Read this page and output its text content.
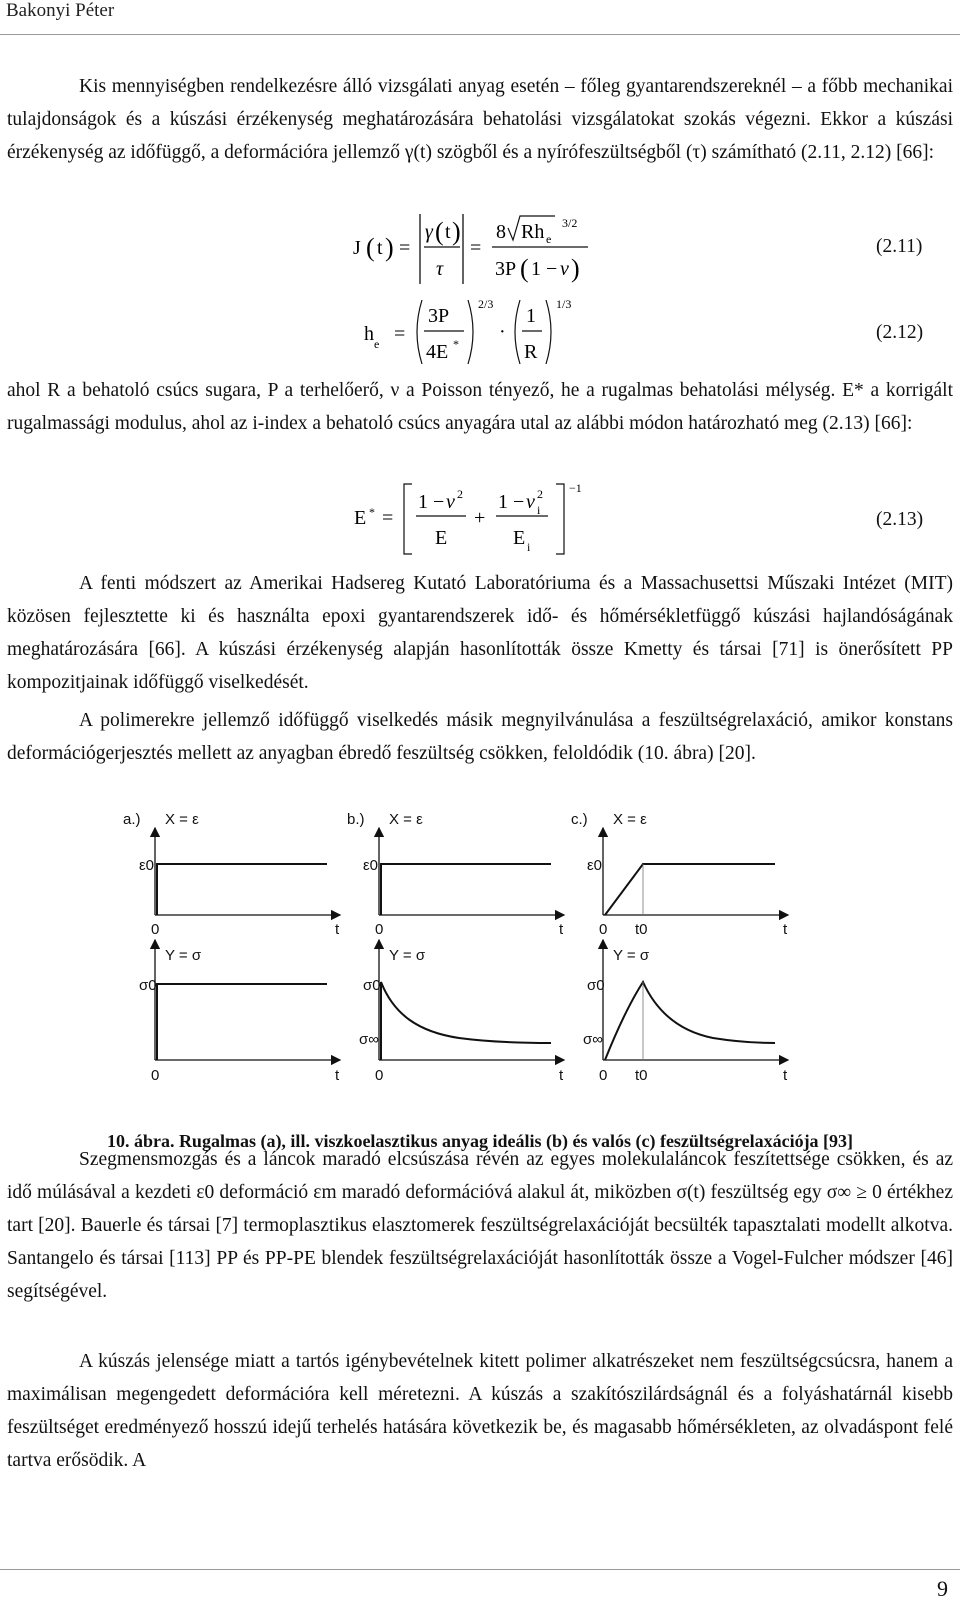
Bakonyi Péter

Kis mennyiségben rendelkezésre álló vizsgálati anyag esetén – főleg gyantarendszereknél – a főbb mechanikai tulajdonságok és a kúszási érzékenység meghatározására behatolási vizsgálatokat szokás végezni. Ekkor a kúszási érzékenység az időfüggő, a deformációra jellemző γ(t) szögből és a nyírófeszültségből (τ) számítható (2.11, 2.12) [66]:

J ( t ) =
γ ( t )
τ
=
8 Rh e
3/2
3P ( 1 − ν )
(2.11)
h e =
3P
4E *
2/3
·
1
R
1/3
(2.12)

ahol R a behatoló csúcs sugara, P a terhelőerő, ν a Poisson tényező, he a rugalmas behatolási mélység. E* a korrigált rugalmassági modulus, ahol az i-index a behatoló csúcs anyagára utal az alábbi módon határozható meg (2.13) [66]:

E * =
1 − ν 2
E
+
1 − ν i
2
E i
−1
(2.13)

A fenti módszert az Amerikai Hadsereg Kutató Laboratóriuma és a Massachusettsi Műszaki Intézet (MIT) közösen fejlesztette ki és használta epoxi gyantarendszerek idő- és hőmérsékletfüggő kúszási hajlandóságának meghatározására [66]. A kúszási érzékenység alapján hasonlították össze Kmetty és társai [71] is önerősített PP kompozitjainak időfüggő viselkedését.

A polimerekre jellemző időfüggő viselkedés másik megnyilvánulása a feszültségrelaxáció, amikor konstans deformációgerjesztés mellett az anyagban ébredő feszültség csökken, feloldódik (10. ábra) [20].

a.) X = ε
ε0
0	t
Y = σ
σ0
0	t
b.) X = ε
ε0
0	t
Y = σ
σ0
σ∞
0	t
c.) X = ε
ε0
0 t0	t
Y = σ
σ0
σ∞
0 t0	t
10. ábra. Rugalmas (a), ill. viszkoelasztikus anyag ideális (b) és valós (c) feszültségrelaxációja [93]

Szegmensmozgás és a láncok maradó elcsúszása révén az egyes molekulaláncok feszítettsége csökken, és az idő múlásával a kezdeti ε0 deformáció εm maradó deformációvá alakul át, miközben σ(t) feszültség egy σ∞ ≥ 0 értékhez tart [20]. Bauerle és társai [7] termoplasztikus elasztomerek feszültségrelaxációját becsülték tapasztalati modellt alkotva. Santangelo és társai [113] PP és PP-PE blendek feszültségrelaxációját hasonlították össze a Vogel-Fulcher módszer [46] segítségével.

A kúszás jelensége miatt a tartós igénybevételnek kitett polimer alkatrészeket nem feszültségcsúcsra, hanem a maximálisan megengedett deformációra kell méretezni. A kúszás a szakítószilárdságnál és a folyáshatárnál kisebb feszültséget eredményező hosszú idejű terhelés hatására következik be, és magasabb hőmérsékleten, az olvadáspont felé tartva erősödik. A

9
